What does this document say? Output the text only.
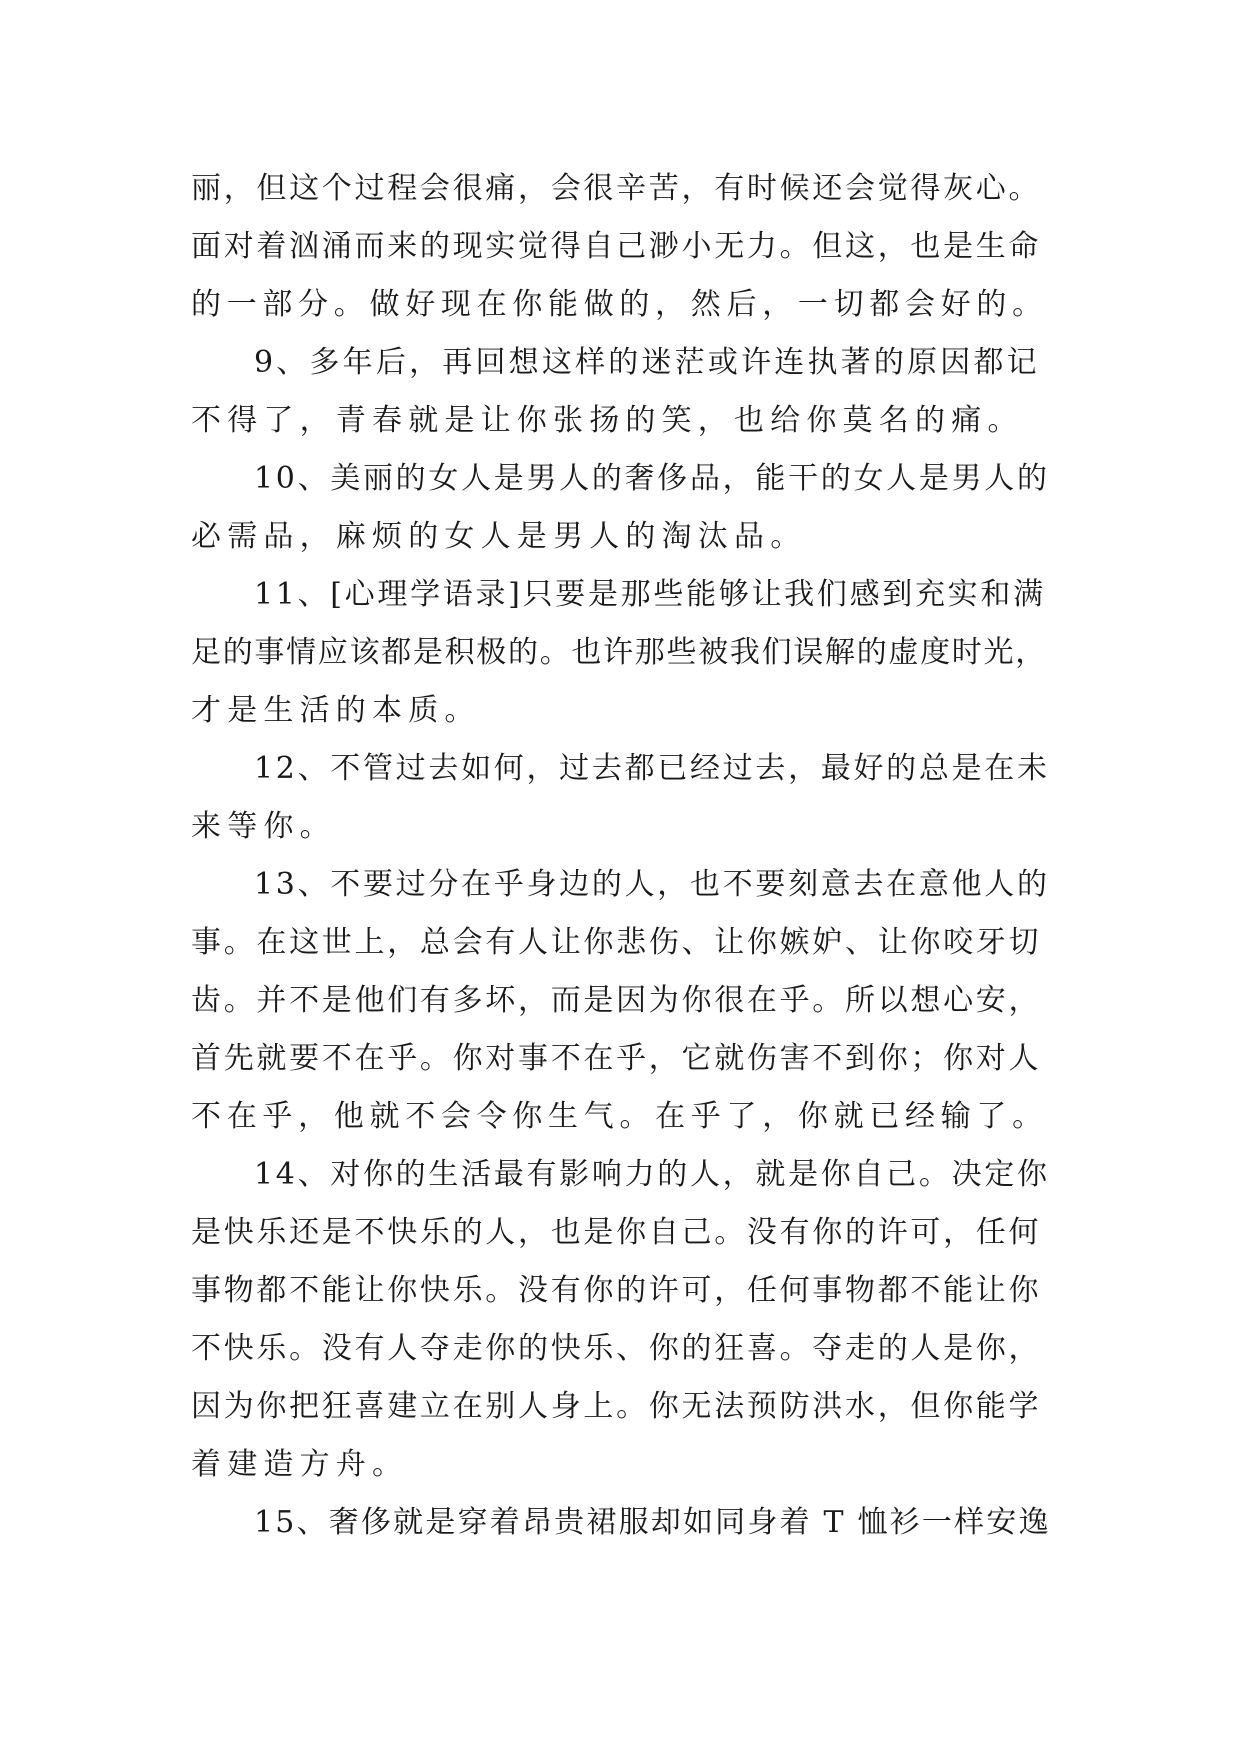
丽，但这个过程会很痛，会很辛苦，有时候还会觉得灰心。
面对着汹涌而来的现实觉得自己渺小无力。但这，也是生命
的一部分。做好现在你能做的，然后，一切都会好的。
9、多年后，再回想这样的迷茫或许连执著的原因都记
不得了，青春就是让你张扬的笑，也给你莫名的痛。
10、美丽的女人是男人的奢侈品，能干的女人是男人的
必需品，麻烦的女人是男人的淘汰品。
11、[心理学语录]只要是那些能够让我们感到充实和满
足的事情应该都是积极的。也许那些被我们误解的虚度时光，
才是生活的本质。
12、不管过去如何，过去都已经过去，最好的总是在未
来等你。
13、不要过分在乎身边的人，也不要刻意去在意他人的
事。在这世上，总会有人让你悲伤、让你嫉妒、让你咬牙切
齿。并不是他们有多坏，而是因为你很在乎。所以想心安，
首先就要不在乎。你对事不在乎，它就伤害不到你；你对人
不在乎，他就不会令你生气。在乎了，你就已经输了。
14、对你的生活最有影响力的人，就是你自己。决定你
是快乐还是不快乐的人，也是你自己。没有你的许可，任何
事物都不能让你快乐。没有你的许可，任何事物都不能让你
不快乐。没有人夺走你的快乐、你的狂喜。夺走的人是你，
因为你把狂喜建立在别人身上。你无法预防洪水，但你能学
着建造方舟。
15、奢侈就是穿着昂贵裙服却如同身着 T 恤衫一样安逸
